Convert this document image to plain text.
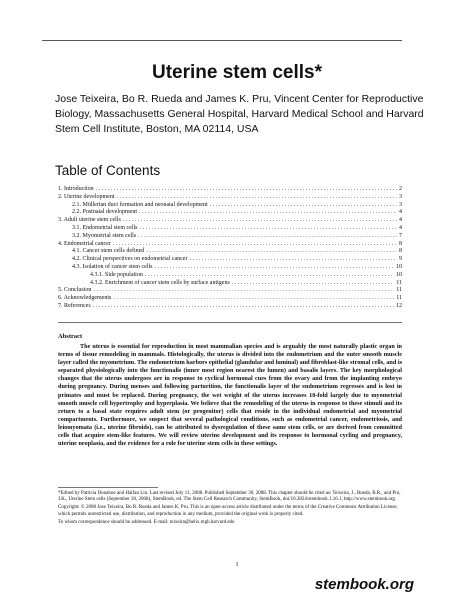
Uterine stem cells*
Jose Teixeira, Bo R. Rueda and James K. Pru, Vincent Center for Reproductive Biology, Massachusetts General Hospital, Harvard Medical School and Harvard Stem Cell Institute, Boston, MA 02114, USA
Table of Contents
1. Introduction . . .	2
2. Uterine development . . .	3
2.1. Müllerian duct formation and neonatal development . . .	3
2.2. Postnatal development . . .	4
3. Adult uterine stem cells . . .	4
3.1. Endometrial stem cells . . .	4
3.2. Myometrial stem cells . . .	7
4. Endometrial cancer . . .	8
4.1. Cancer stem cells defined . . .	8
4.2. Clinical perspectives on endometrial cancer . . .	9
4.3. Isolation of cancer stem cells . . .	10
4.3.1. Side population . . .	10
4.3.2. Enrichment of cancer stem cells by surface antigens . . .	11
5. Conclusion . . .	11
6. Acknowledgements . . .	11
7. References . . .	12
Abstract
The uterus is essential for reproduction in most mammalian species and is arguably the most naturally plastic organ in terms of tissue remodeling in mammals. Histologically, the uterus is divided into the endometrium and the outer smooth muscle layer called the myometrium. The endometrium harbors epithelial (glandular and luminal) and fibroblast-like stromal cells, and is separated physiologically into the functionalis (inner most region nearest the lumen) and basalis layers. The key morphological changes that the uterus undergoes are in response to cyclical hormonal cues from the ovary and from the implanting embryo during pregnancy. During menses and following parturition, the functionalis layer of the endometrium regresses and is lost in primates and must be replaced. During pregnancy, the wet weight of the uterus increases 10-fold largely due to myometrial smooth muscle cell hypertrophy and hyperplasia. We believe that the remodeling of the uterus in response to these stimuli and its return to a basal state requires adult stem (or progenitor) cells that reside in the individual endometrial and myometrial compartments. Furthermore, we suspect that several pathological conditions, such as endometrial cancer, endometriosis, and leiomyomata (i.e., uterine fibroids), can be attributed to dysregulation of these same stem cells, or are derived from committed cells that acquire stem-like features. We will review uterine development and its response to hormonal cycling and pregnancy, uterine neoplasia, and the evidence for a role for uterine stem cells in these settings.

*Edited by Patricia Donahoe and Haifan Lin. Last revised July 11, 2008. Published September 30, 2008. This chapter should be cited as: Teixeira, J., Rueda, B.R., and Pru, J.K., Uterine Stem cells (September 30, 2008), StemBook, ed. The Stem Cell Research Community, StemBook, doi/10.3824/stembook.1.16.1, http://www.stembook.org.

Copyright: © 2008 Jose Teixeira, Bo R. Rueda and James K. Pru. This is an open-access article distributed under the terms of the Creative Commons Attribution License, which permits unrestricted use, distribution, and reproduction in any medium, provided the original work is properly cited.

To whom correspondence should be addressed. E-mail: teixeira@helix.mgh.harvard.edu

1
stembook.org
